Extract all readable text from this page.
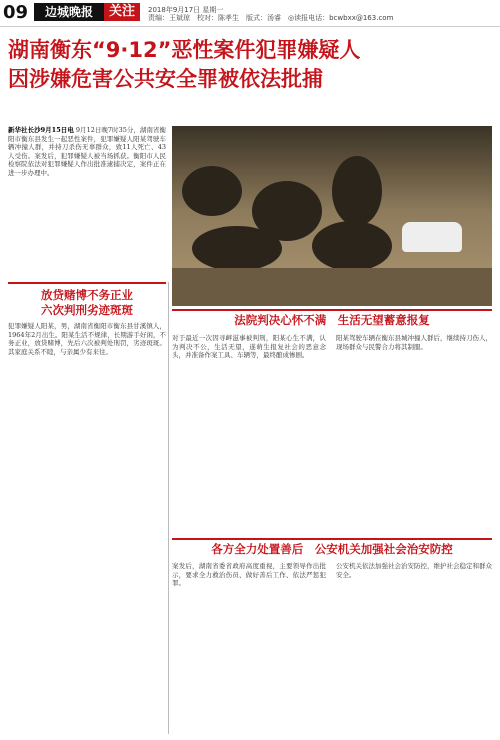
09	边城晚报	关注	2018年9月17日 星期一
责编：王斌琼　校对：陈孝生　版式：汤睿　◎读报电话：bcwbxx@163.com
湖南衡东“9·12”恶性案件犯罪嫌疑人
因涉嫌危害公共安全罪被依法批捕
新华社长沙9月15日电 9月12日晚7时35分，湖南省衡阳市衡东县发生一起恶性案件，犯罪嫌疑人阳某驾驶车辆冲撞人群，并持刀杀伤无辜群众，致11人死亡、43人受伤。案发后，犯罪嫌疑人被当场抓获。衡阳市人民检察院依法对犯罪嫌疑人作出批准逮捕决定，案件正在进一步办理中。
放贷赌博不务正业
六次判刑劣迹斑斑
犯罪嫌疑人阳某，男，湖南省衡阳市衡东县甘溪镇人，1964年2月出生。阳某生活不规律，长期游手好闲，不务正业，放贷赌博，先后六次被判处刑罚，劣迹斑斑。其家庭关系不睦，与亲属少有来往。
法院判决心怀不满　生活无望蓄意报复
对于最近一次因寻衅滋事被判刑，阳某心生不满，认为判决不公，生活无望，遂萌生报复社会的恶意念头，并准备作案工具、车辆等，最终酿成惨剧。
阳某驾驶车辆在衡东县城冲撞人群后，继续持刀伤人，现场群众与民警合力将其制服。
各方全力处置善后　公安机关加强社会治安防控
案发后，湖南省委省政府高度重视，主要领导作出批示，要求全力救治伤员、做好善后工作、依法严惩犯罪。
公安机关依法加强社会治安防控，维护社会稳定和群众安全。
